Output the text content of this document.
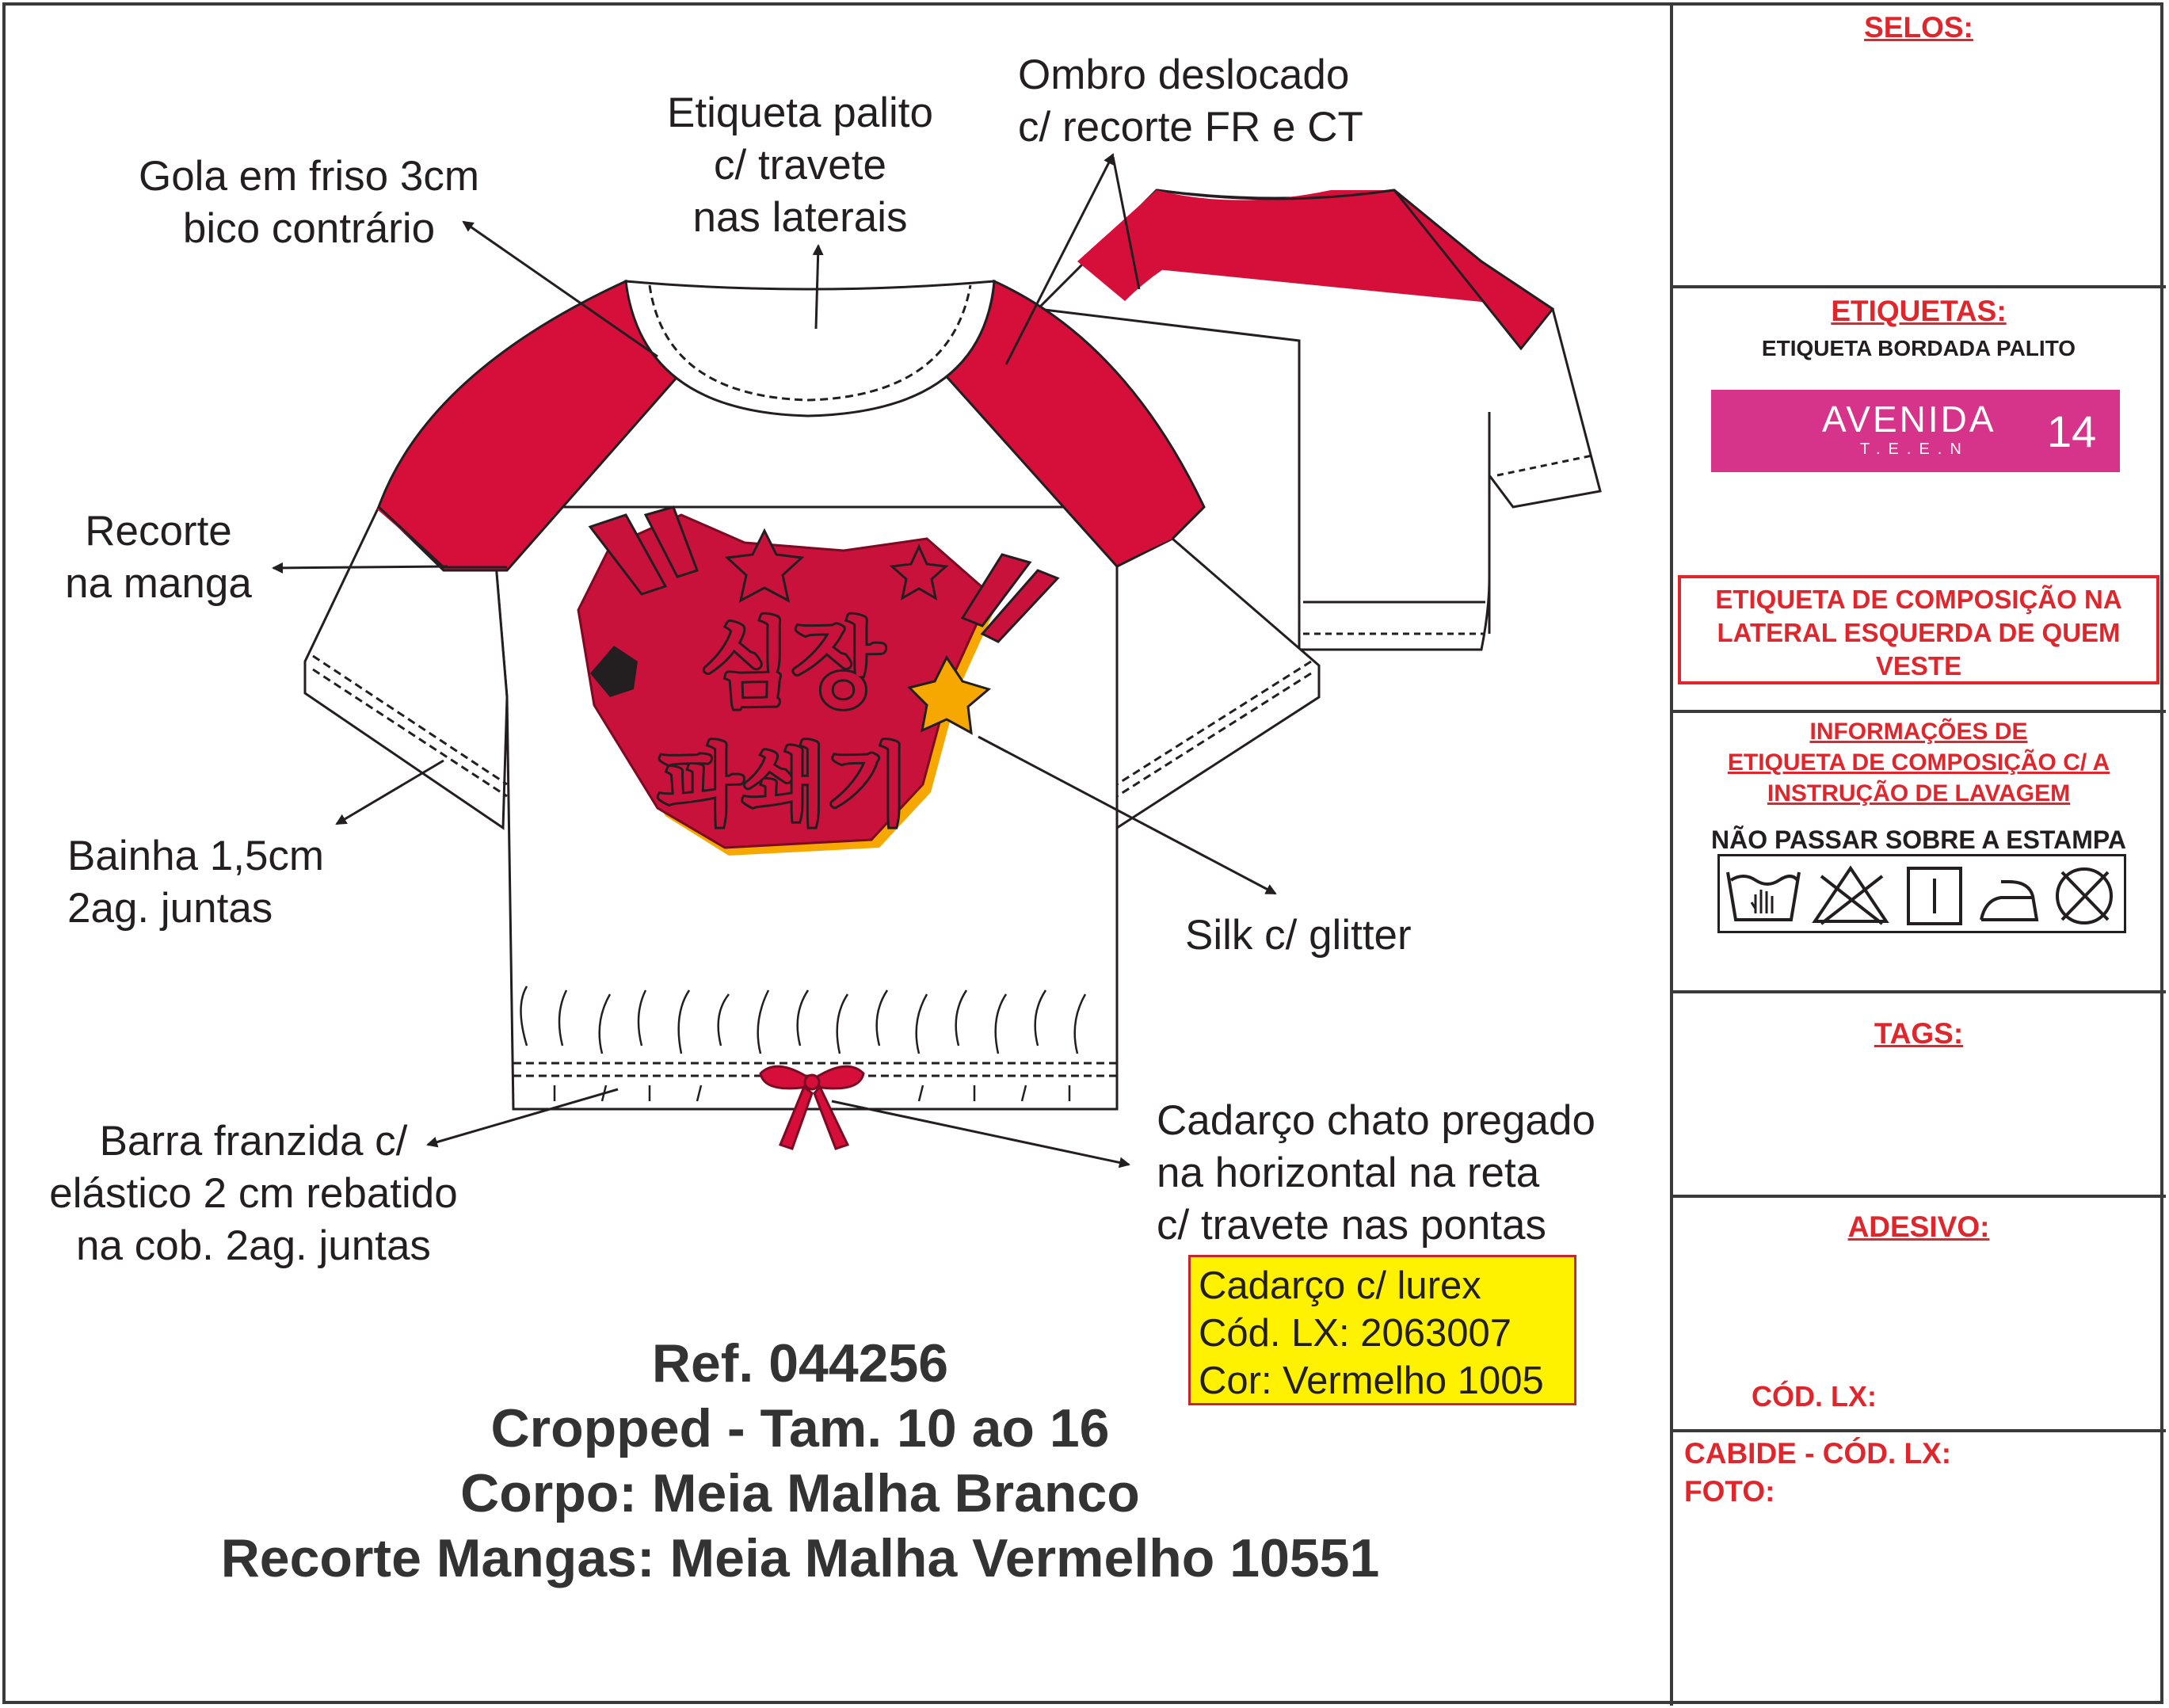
심장
파쇄기
Gola em friso 3cm
bico contrário
Etiqueta palito
c/ travete
nas laterais
Ombro deslocado
c/ recorte FR e CT
Recorte
na manga
Bainha 1,5cm
2ag. juntas
Silk c/ glitter
Barra franzida c/
elástico 2 cm rebatido
na cob. 2ag. juntas
Cadarço chato pregado
na horizontal na reta
c/ travete nas pontas
Cadarço c/ lurex
Cód. LX: 2063007
Cor: Vermelho 1005
Ref. 044256
Cropped - Tam. 10 ao 16
Corpo: Meia Malha Branco
Recorte Mangas: Meia Malha Vermelho 10551
SELOS:
ETIQUETAS:
ETIQUETA BORDADA PALITO
AVENIDA
T.E.E.N 14
ETIQUETA DE COMPOSIÇÃO NA
LATERAL ESQUERDA DE QUEM
VESTE
INFORMAÇÕES DE
ETIQUETA DE COMPOSIÇÃO C/ A
INSTRUÇÃO DE LAVAGEM
NÃO PASSAR SOBRE A ESTAMPA
TAGS:
ADESIVO:
CÓD. LX:
CABIDE - CÓD. LX:
FOTO:
